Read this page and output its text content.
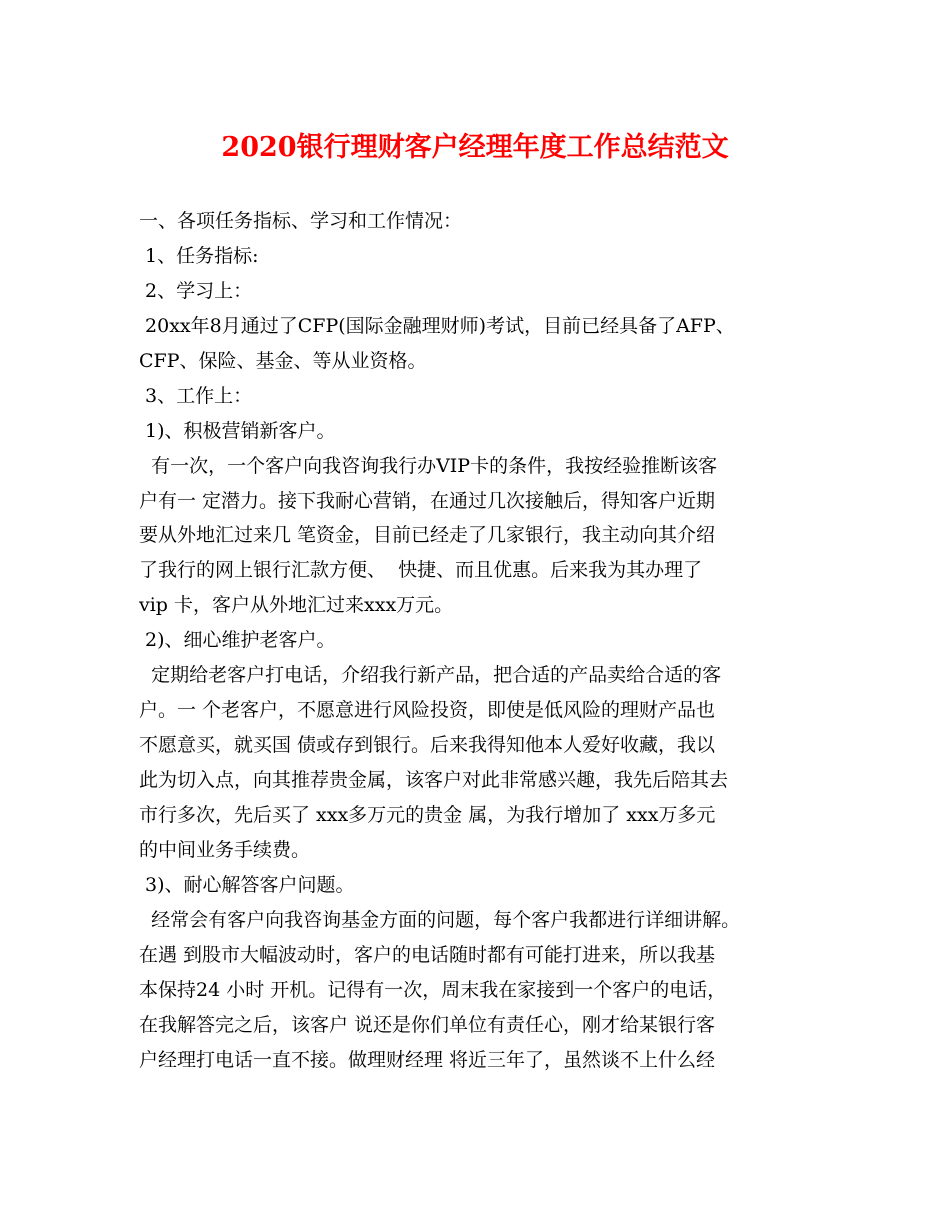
2020银行理财客户经理年度工作总结范文

一、各项任务指标、学习和工作情况：

1、任务指标:

2、学习上：

20xx年8月通过了CFP(国际金融理财师)考试，目前已经具备了AFP、

CFP、保险、基金、等从业资格。

3、工作上：

1)、积极营销新客户。

有一次，一个客户向我咨询我行办VIP卡的条件，我按经验推断该客

户有一 定潜力。接下我耐心营销，在通过几次接触后，得知客户近期

要从外地汇过来几 笔资金，目前已经走了几家银行，我主动向其介绍

了我行的网上银行汇款方便、  快捷、而且优惠。后来我为其办理了

vip 卡，客户从外地汇过来xxx万元。

2)、细心维护老客户。

定期给老客户打电话，介绍我行新产品，把合适的产品卖给合适的客

户。一 个老客户，不愿意进行风险投资，即使是低风险的理财产品也

不愿意买，就买国 债或存到银行。后来我得知他本人爱好收藏，我以

此为切入点，向其推荐贵金属，该客户对此非常感兴趣，我先后陪其去

市行多次，先后买了 xxx多万元的贵金 属，为我行增加了 xxx万多元

的中间业务手续费。

3)、耐心解答客户问题。

经常会有客户向我咨询基金方面的问题，每个客户我都进行详细讲解。

在遇 到股市大幅波动时，客户的电话随时都有可能打进来，所以我基

本保持24 小时 开机。记得有一次，周末我在家接到一个客户的电话，

在我解答完之后，该客户 说还是你们单位有责任心，刚才给某银行客

户经理打电话一直不接。做理财经理 将近三年了，虽然谈不上什么经
